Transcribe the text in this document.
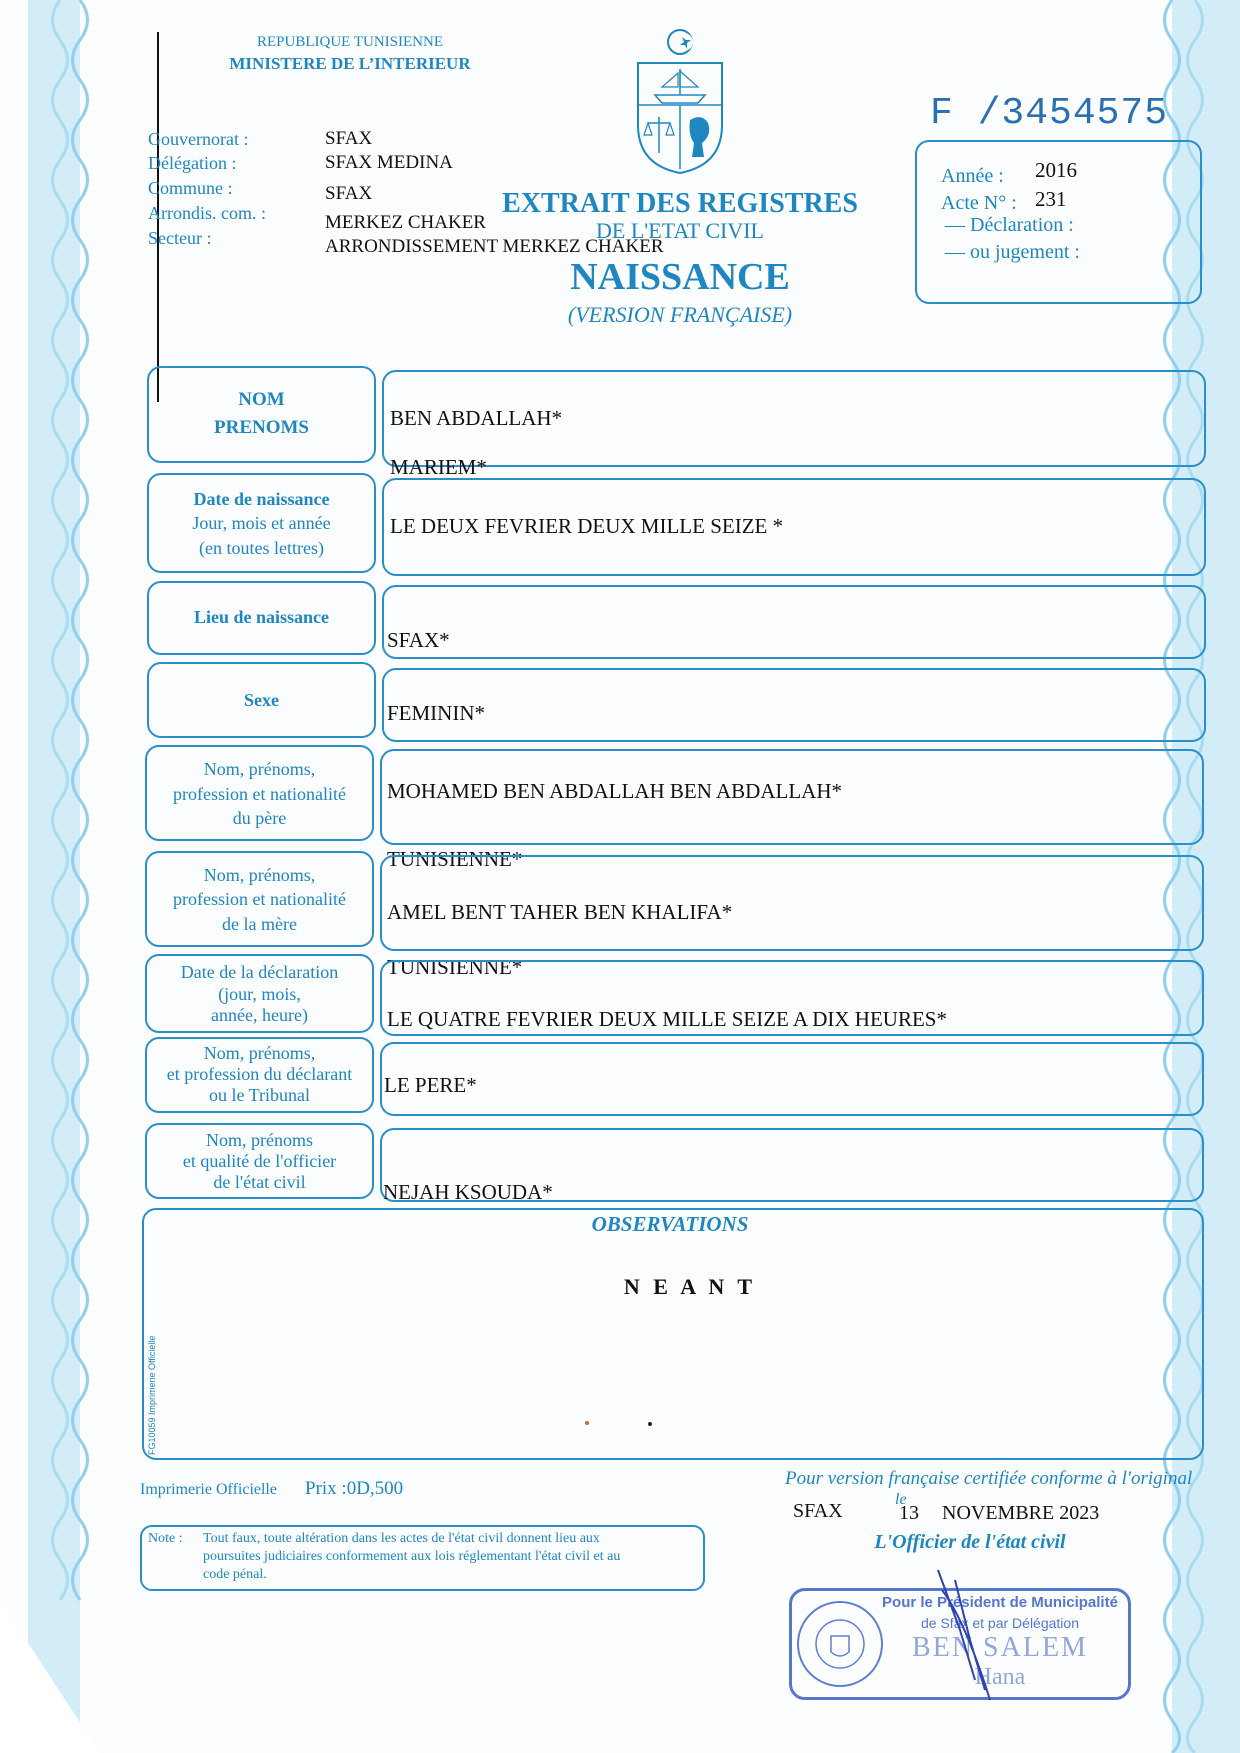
REPUBLIQUE TUNISIENNE
MINISTERE DE L’INTERIEUR
Gouvernorat :	SFAX
Délégation :	SFAX MEDINA
Commune :	SFAX
Arrondis. com. :	MERKEZ CHAKER
Secteur :	ARRONDISSEMENT MERKEZ CHAKER
F /3454575
Année : 2016
Acte N° : 231
— Déclaration :
— ou jugement :
EXTRAIT DES REGISTRES
DE L'ETAT CIVIL
NAISSANCE
(VERSION FRANÇAISE)
NOM
PRENOMS	BEN ABDALLAH*
MARIEM*
Date de naissance
Jour, mois et année
(en toutes lettres)
LE DEUX FEVRIER DEUX MILLE SEIZE *
Lieu de naissance
SFAX*
Sexe
FEMININ*
Nom, prénoms,
profession et nationalité
du père
MOHAMED BEN ABDALLAH BEN ABDALLAH*
TUNISIENNE*
Nom, prénoms,
profession et nationalité
de la mère	AMEL BENT TAHER BEN KHALIFA*
TUNISIENNE*
Date de la déclaration
(jour, mois,
année, heure)	LE QUATRE FEVRIER DEUX MILLE SEIZE A DIX HEURES*
Nom, prénoms,
et profession du déclarant
ou le Tribunal	LE PERE*
Nom, prénoms
et qualité de l'officier
de l'état civil	NEJAH KSOUDA*
OBSERVATIONS
N E A N T
FG10059 Imprimerie Officielle
Imprimerie Officielle Prix :0D,500
Note : Tout faux, toute altération dans les actes de l'état civil donnent lieu aux
poursuites judiciaires conformement aux lois réglementant l'état civil et au
code pénal.
Pour version française certifiée conforme à l'original
le
SFAX	13 NOVEMBRE 2023
L'Officier de l'état civil
Pour le Président de Municipalité
de Sfax et par Délégation
BEN SALEM
Hana
